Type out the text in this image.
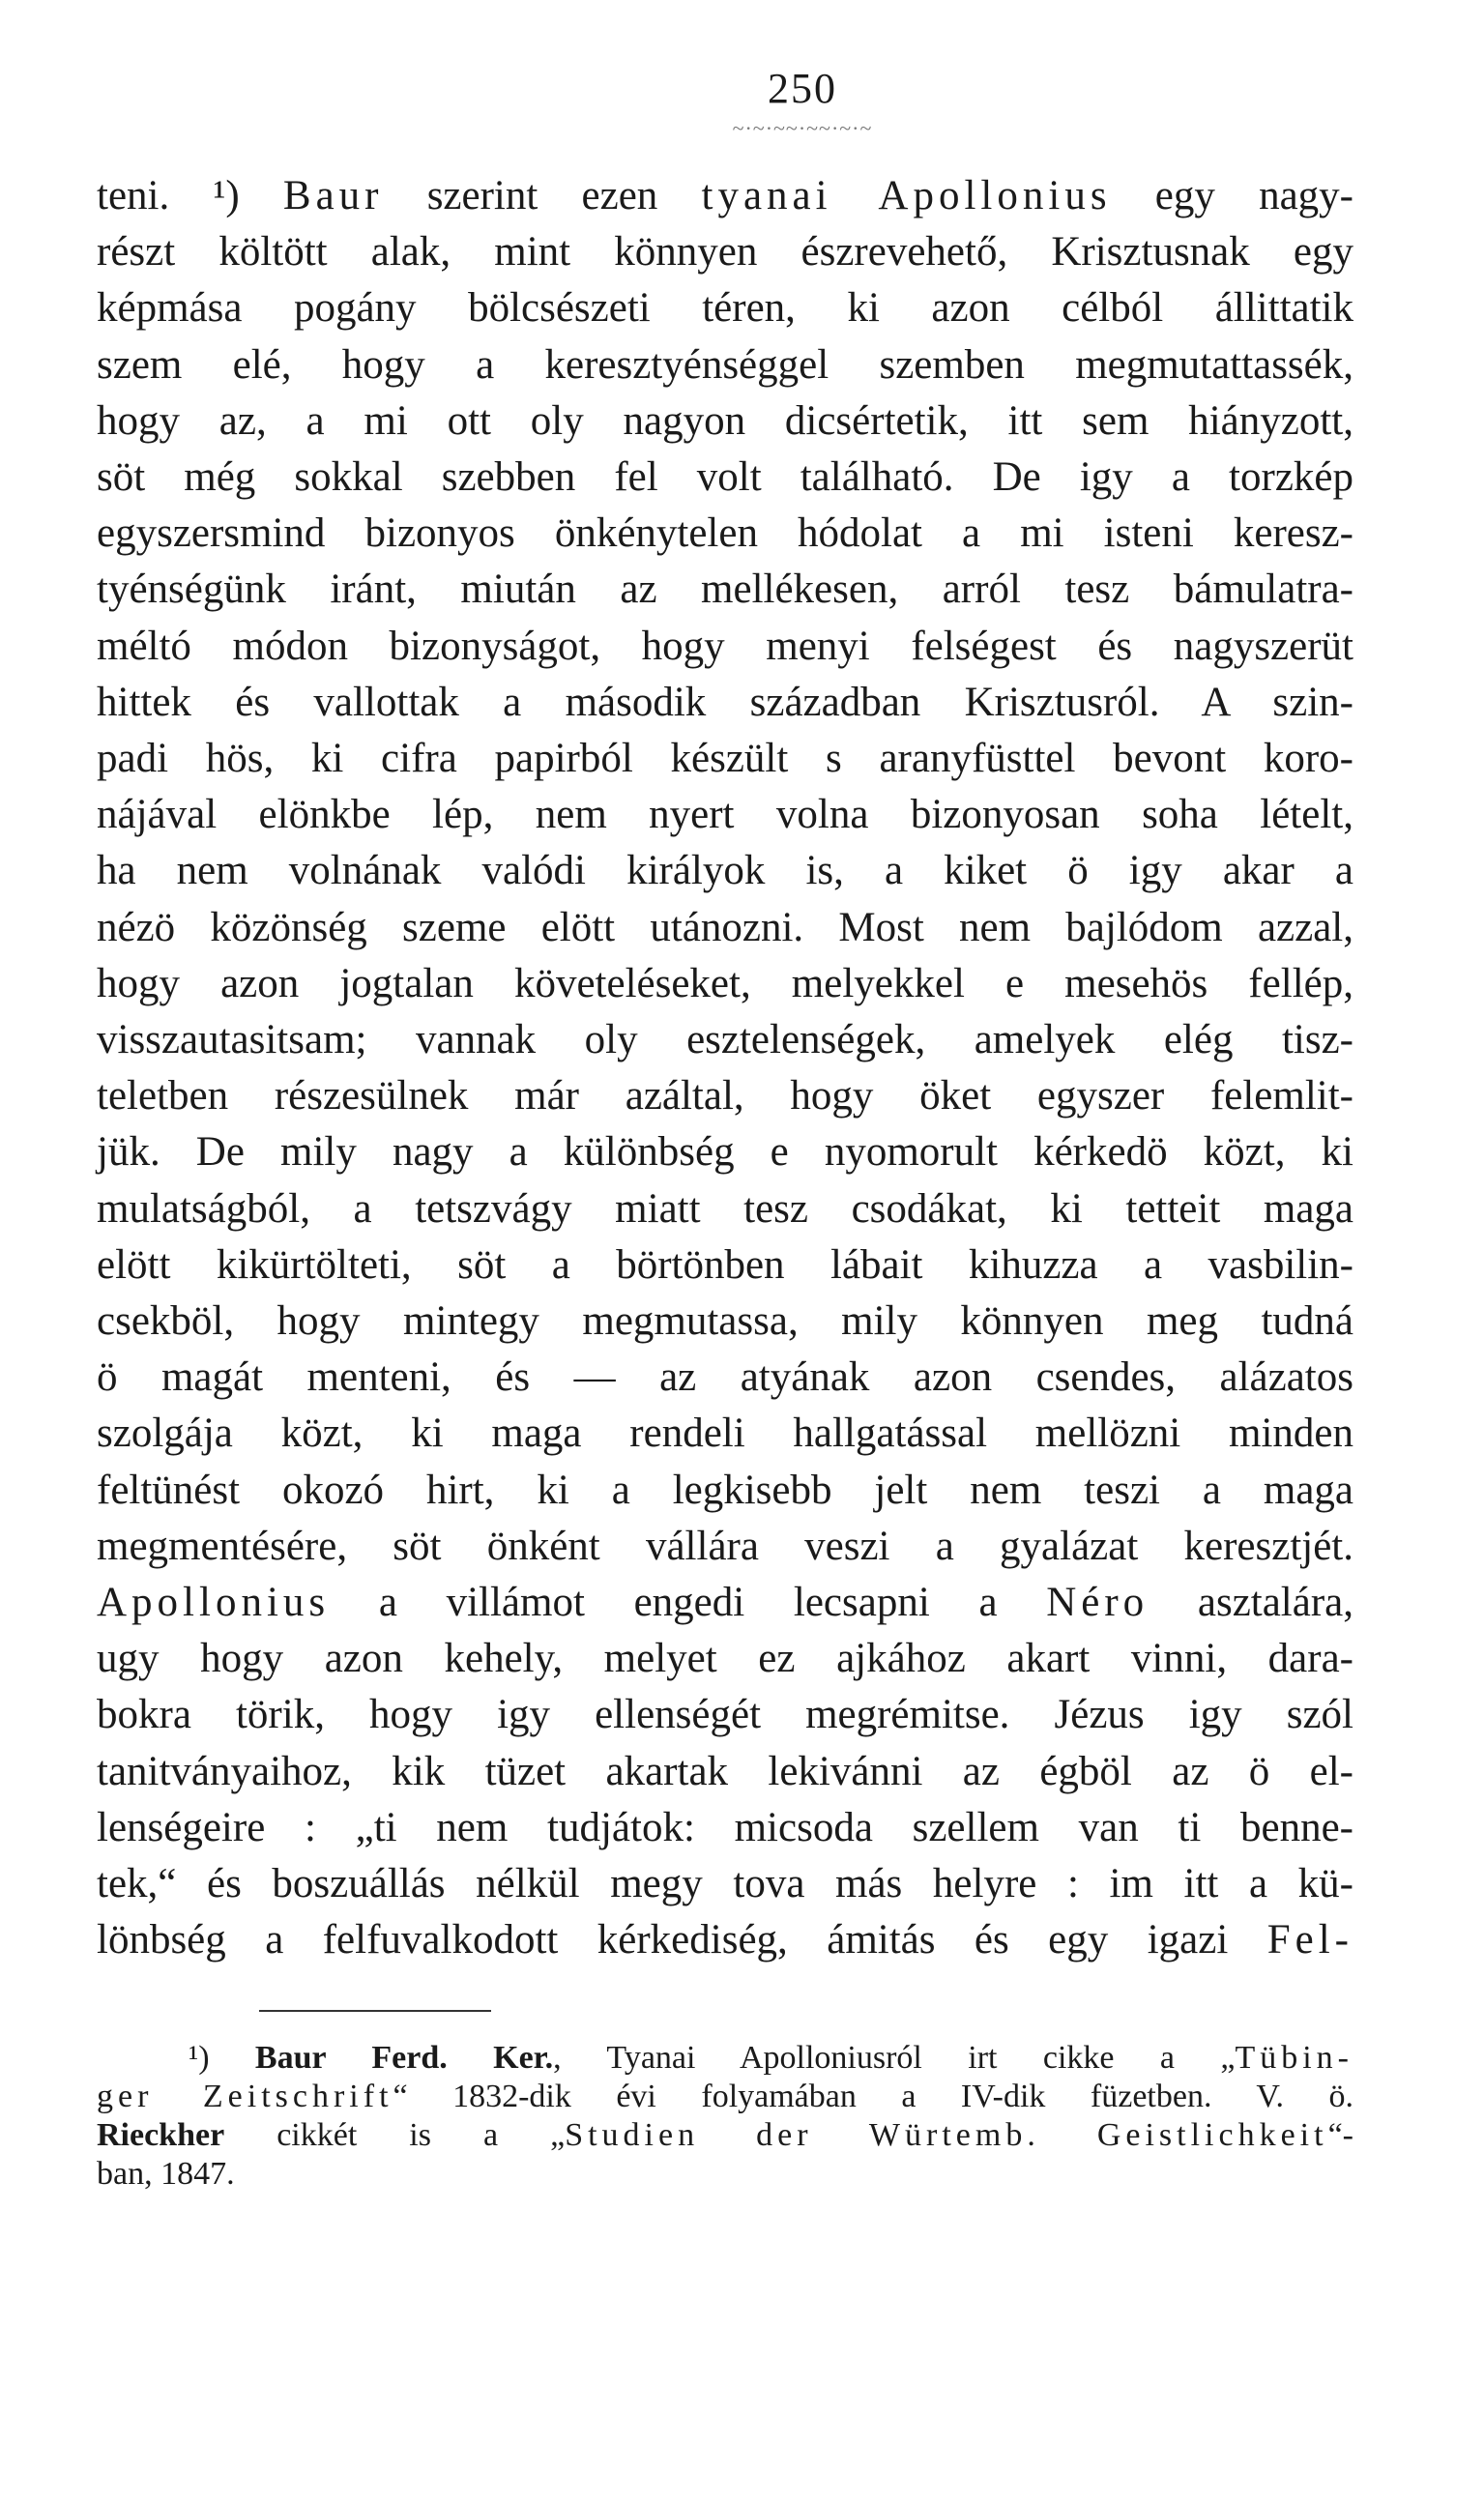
250
~·~·~~·~~·~·~
teni. ¹) Baur szerint ezen tyanai Apollonius egy nagy-
részt költött alak, mint könnyen észrevehető, Krisztusnak egy
képmása pogány bölcsészeti téren, ki azon célból állittatik
szem elé, hogy a keresztyénséggel szemben megmutattassék,
hogy az, a mi ott oly nagyon dicsértetik, itt sem hiányzott,
söt még sokkal szebben fel volt található. De igy a torzkép
egyszersmind bizonyos önkénytelen hódolat a mi isteni keresz-
tyénségünk iránt, miután az mellékesen, arról tesz bámulatra-
méltó módon bizonyságot, hogy menyi felségest és nagyszerüt
hittek és vallottak a második században Krisztusról. A szin-
padi hös, ki cifra papirból készült s aranyfüsttel bevont koro-
nájával elönkbe lép, nem nyert volna bizonyosan soha lételt,
ha nem volnának valódi királyok is, a kiket ö igy akar a
nézö közönség szeme elött utánozni. Most nem bajlódom azzal,
hogy azon jogtalan követeléseket, melyekkel e mesehös fellép,
visszautasitsam; vannak oly esztelenségek, amelyek elég tisz-
teletben részesülnek már azáltal, hogy öket egyszer felemlit-
jük. De mily nagy a különbség e nyomorult kérkedö közt, ki
mulatságból, a tetszvágy miatt tesz csodákat, ki tetteit maga
elött kikürtölteti, söt a börtönben lábait kihuzza a vasbilin-
csekböl, hogy mintegy megmutassa, mily könnyen meg tudná
ö magát menteni, és — az atyának azon csendes, alázatos
szolgája közt, ki maga rendeli hallgatással mellözni minden
feltünést okozó hirt, ki a legkisebb jelt nem teszi a maga
megmentésére, söt önként vállára veszi a gyalázat keresztjét.
Apollonius a villámot engedi lecsapni a Néro asztalára,
ugy hogy azon kehely, melyet ez ajkához akart vinni, dara-
bokra törik, hogy igy ellenségét megrémitse. Jézus igy szól
tanitványaihoz, kik tüzet akartak lekivánni az égböl az ö el-
lenségeire : „ti nem tudjátok: micsoda szellem van ti benne-
tek,“ és boszuállás nélkül megy tova más helyre : im itt a kü-
lönbség a felfuvalkodott kérkediség, ámitás és egy igazi Fel-
¹) Baur Ferd. Ker., Tyanai Apolloniusról irt cikke a „Tübin-
ger Zeitschrift“ 1832-dik évi folyamában a IV-dik füzetben. V. ö.
Rieckher cikkét is a „Studien der Würtemb. Geistlichkeit“-
ban, 1847.
